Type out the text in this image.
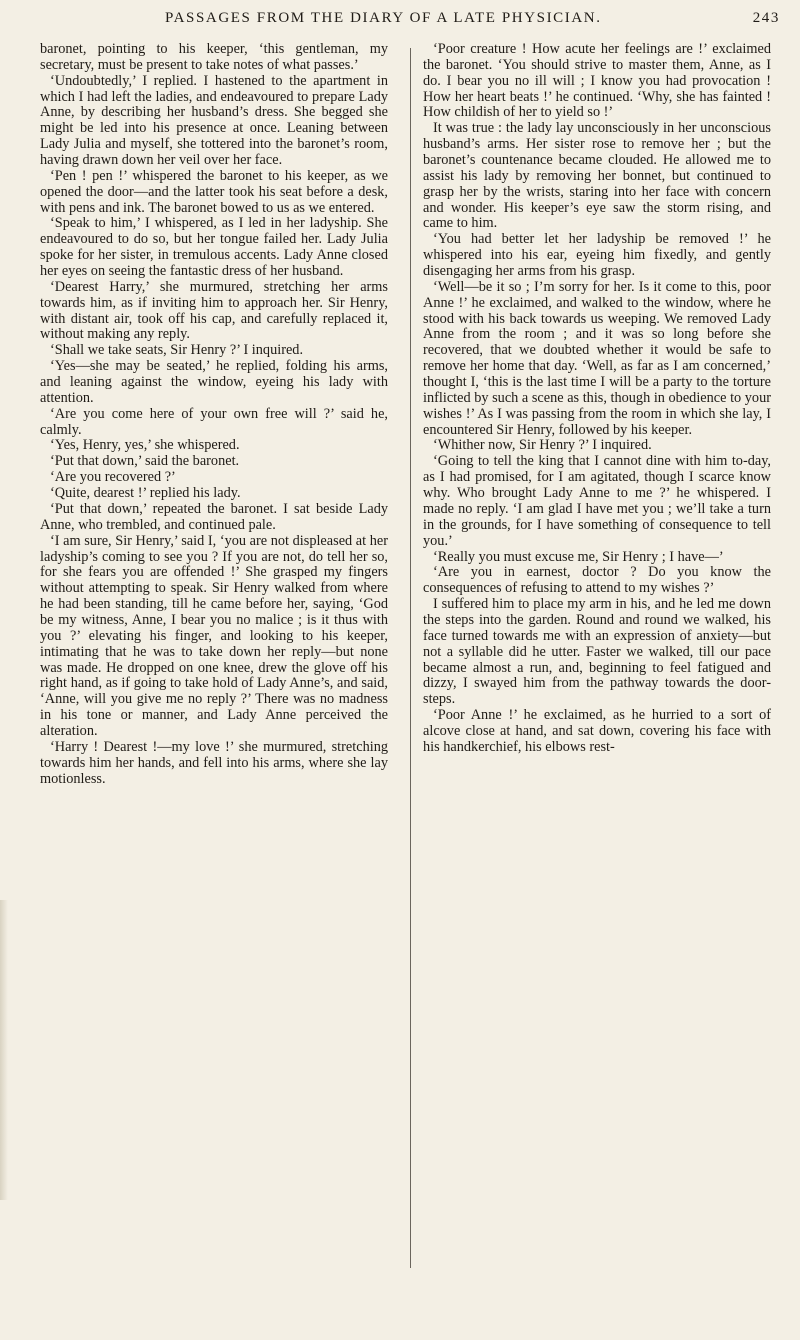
PASSAGES FROM THE DIARY OF A LATE PHYSICIAN.	243

baronet, pointing to his keeper, ‘this gentleman, my secretary, must be present to take notes of what passes.’

‘Undoubtedly,’ I replied. I hastened to the apartment in which I had left the ladies, and endeavoured to prepare Lady Anne, by describing her husband’s dress. She begged she might be led into his presence at once. Leaning between Lady Julia and myself, she tottered into the baronet’s room, having drawn down her veil over her face.

‘Pen ! pen !’ whispered the baronet to his keeper, as we opened the door—and the latter took his seat before a desk, with pens and ink. The baronet bowed to us as we entered.

‘Speak to him,’ I whispered, as I led in her ladyship. She endeavoured to do so, but her tongue failed her. Lady Julia spoke for her sister, in tremulous accents. Lady Anne closed her eyes on seeing the fantastic dress of her husband.

‘Dearest Harry,’ she murmured, stretching her arms towards him, as if inviting him to approach her. Sir Henry, with distant air, took off his cap, and carefully replaced it, without making any reply.

‘Shall we take seats, Sir Henry ?’ I inquired.

‘Yes—she may be seated,’ he replied, folding his arms, and leaning against the window, eyeing his lady with attention.

‘Are you come here of your own free will ?’ said he, calmly.

‘Yes, Henry, yes,’ she whispered.

‘Put that down,’ said the baronet.

‘Are you recovered ?’

‘Quite, dearest !’ replied his lady.

‘Put that down,’ repeated the baronet. I sat beside Lady Anne, who trembled, and continued pale.

‘I am sure, Sir Henry,’ said I, ‘you are not displeased at her ladyship’s coming to see you ? If you are not, do tell her so, for she fears you are offended !’ She grasped my fingers without attempting to speak. Sir Henry walked from where he had been standing, till he came before her, saying, ‘God be my witness, Anne, I bear you no malice ; is it thus with you ?’ elevating his finger, and looking to his keeper, intimating that he was to take down her reply—but none was made. He dropped on one knee, drew the glove off his right hand, as if going to take hold of Lady Anne’s, and said, ‘Anne, will you give me no reply ?’ There was no madness in his tone or manner, and Lady Anne perceived the alteration.

‘Harry ! Dearest !—my love !’ she murmured, stretching towards him her hands, and fell into his arms, where she lay motionless.

‘Poor creature ! How acute her feelings are !’ exclaimed the baronet. ‘You should strive to master them, Anne, as I do. I bear you no ill will ; I know you had provocation ! How her heart beats !’ he continued. ‘Why, she has fainted ! How childish of her to yield so !’

It was true : the lady lay unconsciously in her unconscious husband’s arms. Her sister rose to remove her ; but the baronet’s countenance became clouded. He allowed me to assist his lady by removing her bonnet, but continued to grasp her by the wrists, staring into her face with concern and wonder. His keeper’s eye saw the storm rising, and came to him.

‘You had better let her ladyship be removed !’ he whispered into his ear, eyeing him fixedly, and gently disengaging her arms from his grasp.

‘Well—be it so ; I’m sorry for her. Is it come to this, poor Anne !’ he exclaimed, and walked to the window, where he stood with his back towards us weeping. We removed Lady Anne from the room ; and it was so long before she recovered, that we doubted whether it would be safe to remove her home that day. ‘Well, as far as I am concerned,’ thought I, ‘this is the last time I will be a party to the torture inflicted by such a scene as this, though in obedience to your wishes !’ As I was passing from the room in which she lay, I encountered Sir Henry, followed by his keeper.

‘Whither now, Sir Henry ?’ I inquired.

‘Going to tell the king that I cannot dine with him to-day, as I had promised, for I am agitated, though I scarce know why. Who brought Lady Anne to me ?’ he whispered. I made no reply. ‘I am glad I have met you ; we’ll take a turn in the grounds, for I have something of consequence to tell you.’

‘Really you must excuse me, Sir Henry ; I have—’

‘Are you in earnest, doctor ? Do you know the consequences of refusing to attend to my wishes ?’

I suffered him to place my arm in his, and he led me down the steps into the garden. Round and round we walked, his face turned towards me with an expression of anxiety—but not a syllable did he utter. Faster we walked, till our pace became almost a run, and, beginning to feel fatigued and dizzy, I swayed him from the pathway towards the door-steps.

‘Poor Anne !’ he exclaimed, as he hurried to a sort of alcove close at hand, and sat down, covering his face with his handkerchief, his elbows rest-
